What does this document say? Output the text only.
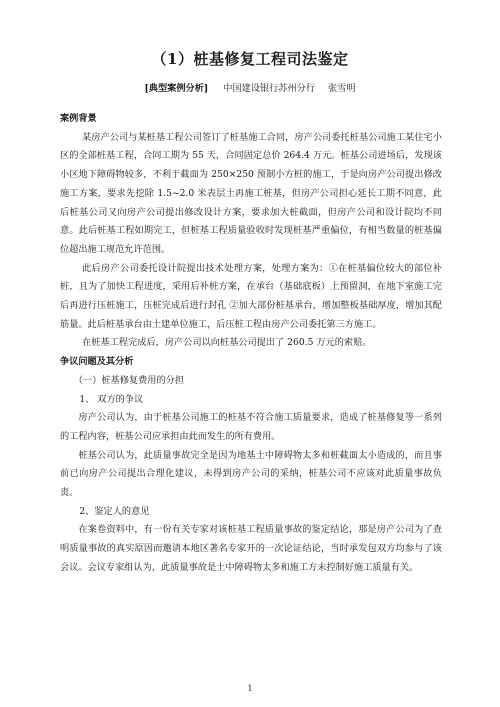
（1）桩基修复工程司法鉴定
[典型案例分析] 中国建设银行苏州分行 张雪明
案例背景

某房产公司与某桩基工程公司签订了桩基施工合同，房产公司委托桩基公司施工某住宅小区的全部桩基工程，合同工期为 55 天，合同固定总价 264.4 万元。桩基公司进场后，发现该小区地下障碍物较多，不利于截面为 250×250 预制小方桩的施工，于是向房产公司提出修改施工方案，要求先挖除 1.5~2.0 米表层土再施工桩基，但房产公司担心延长工期不同意，此后桩基公司又向房产公司提出修改设计方案，要求加大桩截面，但房产公司和设计院均不同意。此后桩基工程如期完工，但桩基工程质量验收时发现桩基严重偏位，有相当数量的桩基偏位超出施工规范允许范围。

此后房产公司委托设计院提出技术处理方案，处理方案为：①在桩基偏位较大的部位补桩，且为了加快工程进度，采用后补桩方案，在承台（基础底板）上预留洞，在地下室施工完后再进行压桩施工，压桩完成后进行封孔 ②加大部份桩基承台，增加整板基础厚度，增加其配筋量。此后桩基承台由土建单位施工，后压桩工程由房产公司委托第三方施工。

在桩基工程完成后，房产公司以向桩基公司提出了 260.5 万元的索赔。

争议问题及其分析
（一）桩基修复费用的分担
1、 双方的争议

房产公司认为，由于桩基公司施工的桩基不符合施工质量要求，造成了桩基修复等一系列的工程内容，桩基公司应承担由此而发生的所有费用。

桩基公司认为，此质量事故完全是因为地基土中障碍物太多和桩截面太小造成的，而且事前已向房产公司提出合理化建议，未得到房产公司的采纳，桩基公司不应该对此质量事故负责。

2、鉴定人的意见

在案卷资料中，有一份有关专家对该桩基工程质量事故的鉴定结论，那是房产公司为了查明质量事故的真实原因而邀请本地区著名专家开的一次论证结论，当时承发包双方均参与了该会议。会议专家组认为，此质量事故是土中障碍物太多和施工方未控制好施工质量有关。

1
